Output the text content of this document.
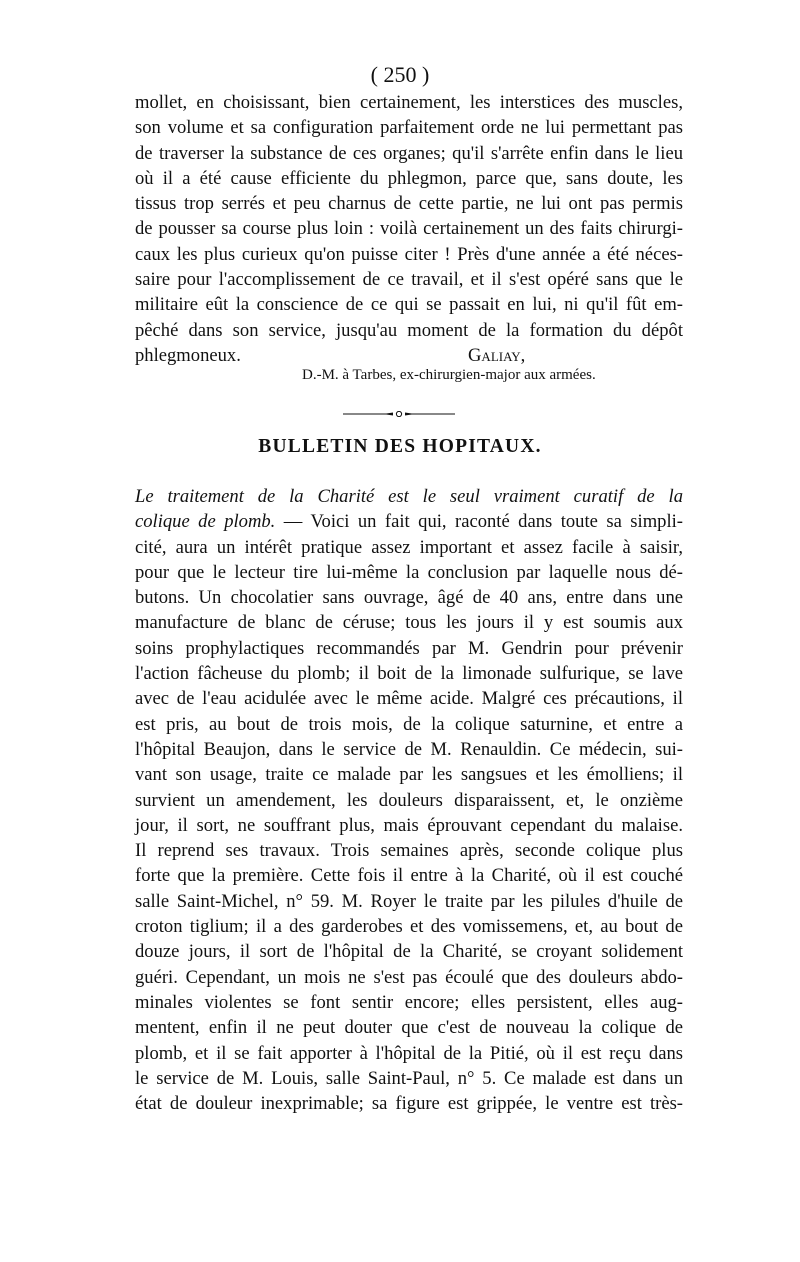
( 250 )
mollet, en choisissant, bien certainement, les interstices des muscles,
son volume et sa configuration parfaitement orde ne lui permettant pas
de traverser la substance de ces organes; qu'il s'arrête enfin dans le lieu
où il a été cause efficiente du phlegmon, parce que, sans doute, les
tissus trop serrés et peu charnus de cette partie, ne lui ont pas permis
de pousser sa course plus loin : voilà certainement un des faits chirurgi-
caux les plus curieux qu'on puisse citer ! Près d'une année a été néces-
saire pour l'accomplissement de ce travail, et il s'est opéré sans que le
militaire eût la conscience de ce qui se passait en lui, ni qu'il fût em-
pêché dans son service, jusqu'au moment de la formation du dépôt
phlegmoneux.	Galiay,
D.-M. à Tarbes, ex-chirurgien-major aux armées.
BULLETIN DES HOPITAUX.
Le traitement de la Charité est le seul vraiment curatif de la
colique de plomb. — Voici un fait qui, raconté dans toute sa simpli-
cité, aura un intérêt pratique assez important et assez facile à saisir,
pour que le lecteur tire lui-même la conclusion par laquelle nous dé-
butons. Un chocolatier sans ouvrage, âgé de 40 ans, entre dans une
manufacture de blanc de céruse; tous les jours il y est soumis aux
soins prophylactiques recommandés par M. Gendrin pour prévenir
l'action fâcheuse du plomb; il boit de la limonade sulfurique, se lave
avec de l'eau acidulée avec le même acide. Malgré ces précautions, il
est pris, au bout de trois mois, de la colique saturnine, et entre a
l'hôpital Beaujon, dans le service de M. Renauldin. Ce médecin, sui-
vant son usage, traite ce malade par les sangsues et les émolliens; il
survient un amendement, les douleurs disparaissent, et, le onzième
jour, il sort, ne souffrant plus, mais éprouvant cependant du malaise.
Il reprend ses travaux. Trois semaines après, seconde colique plus
forte que la première. Cette fois il entre à la Charité, où il est couché
salle Saint-Michel, n° 59. M. Royer le traite par les pilules d'huile de
croton tiglium; il a des garderobes et des vomissemens, et, au bout de
douze jours, il sort de l'hôpital de la Charité, se croyant solidement
guéri. Cependant, un mois ne s'est pas écoulé que des douleurs abdo-
minales violentes se font sentir encore; elles persistent, elles aug-
mentent, enfin il ne peut douter que c'est de nouveau la colique de
plomb, et il se fait apporter à l'hôpital de la Pitié, où il est reçu dans
le service de M. Louis, salle Saint-Paul, n° 5. Ce malade est dans un
état de douleur inexprimable; sa figure est grippée, le ventre est très-
